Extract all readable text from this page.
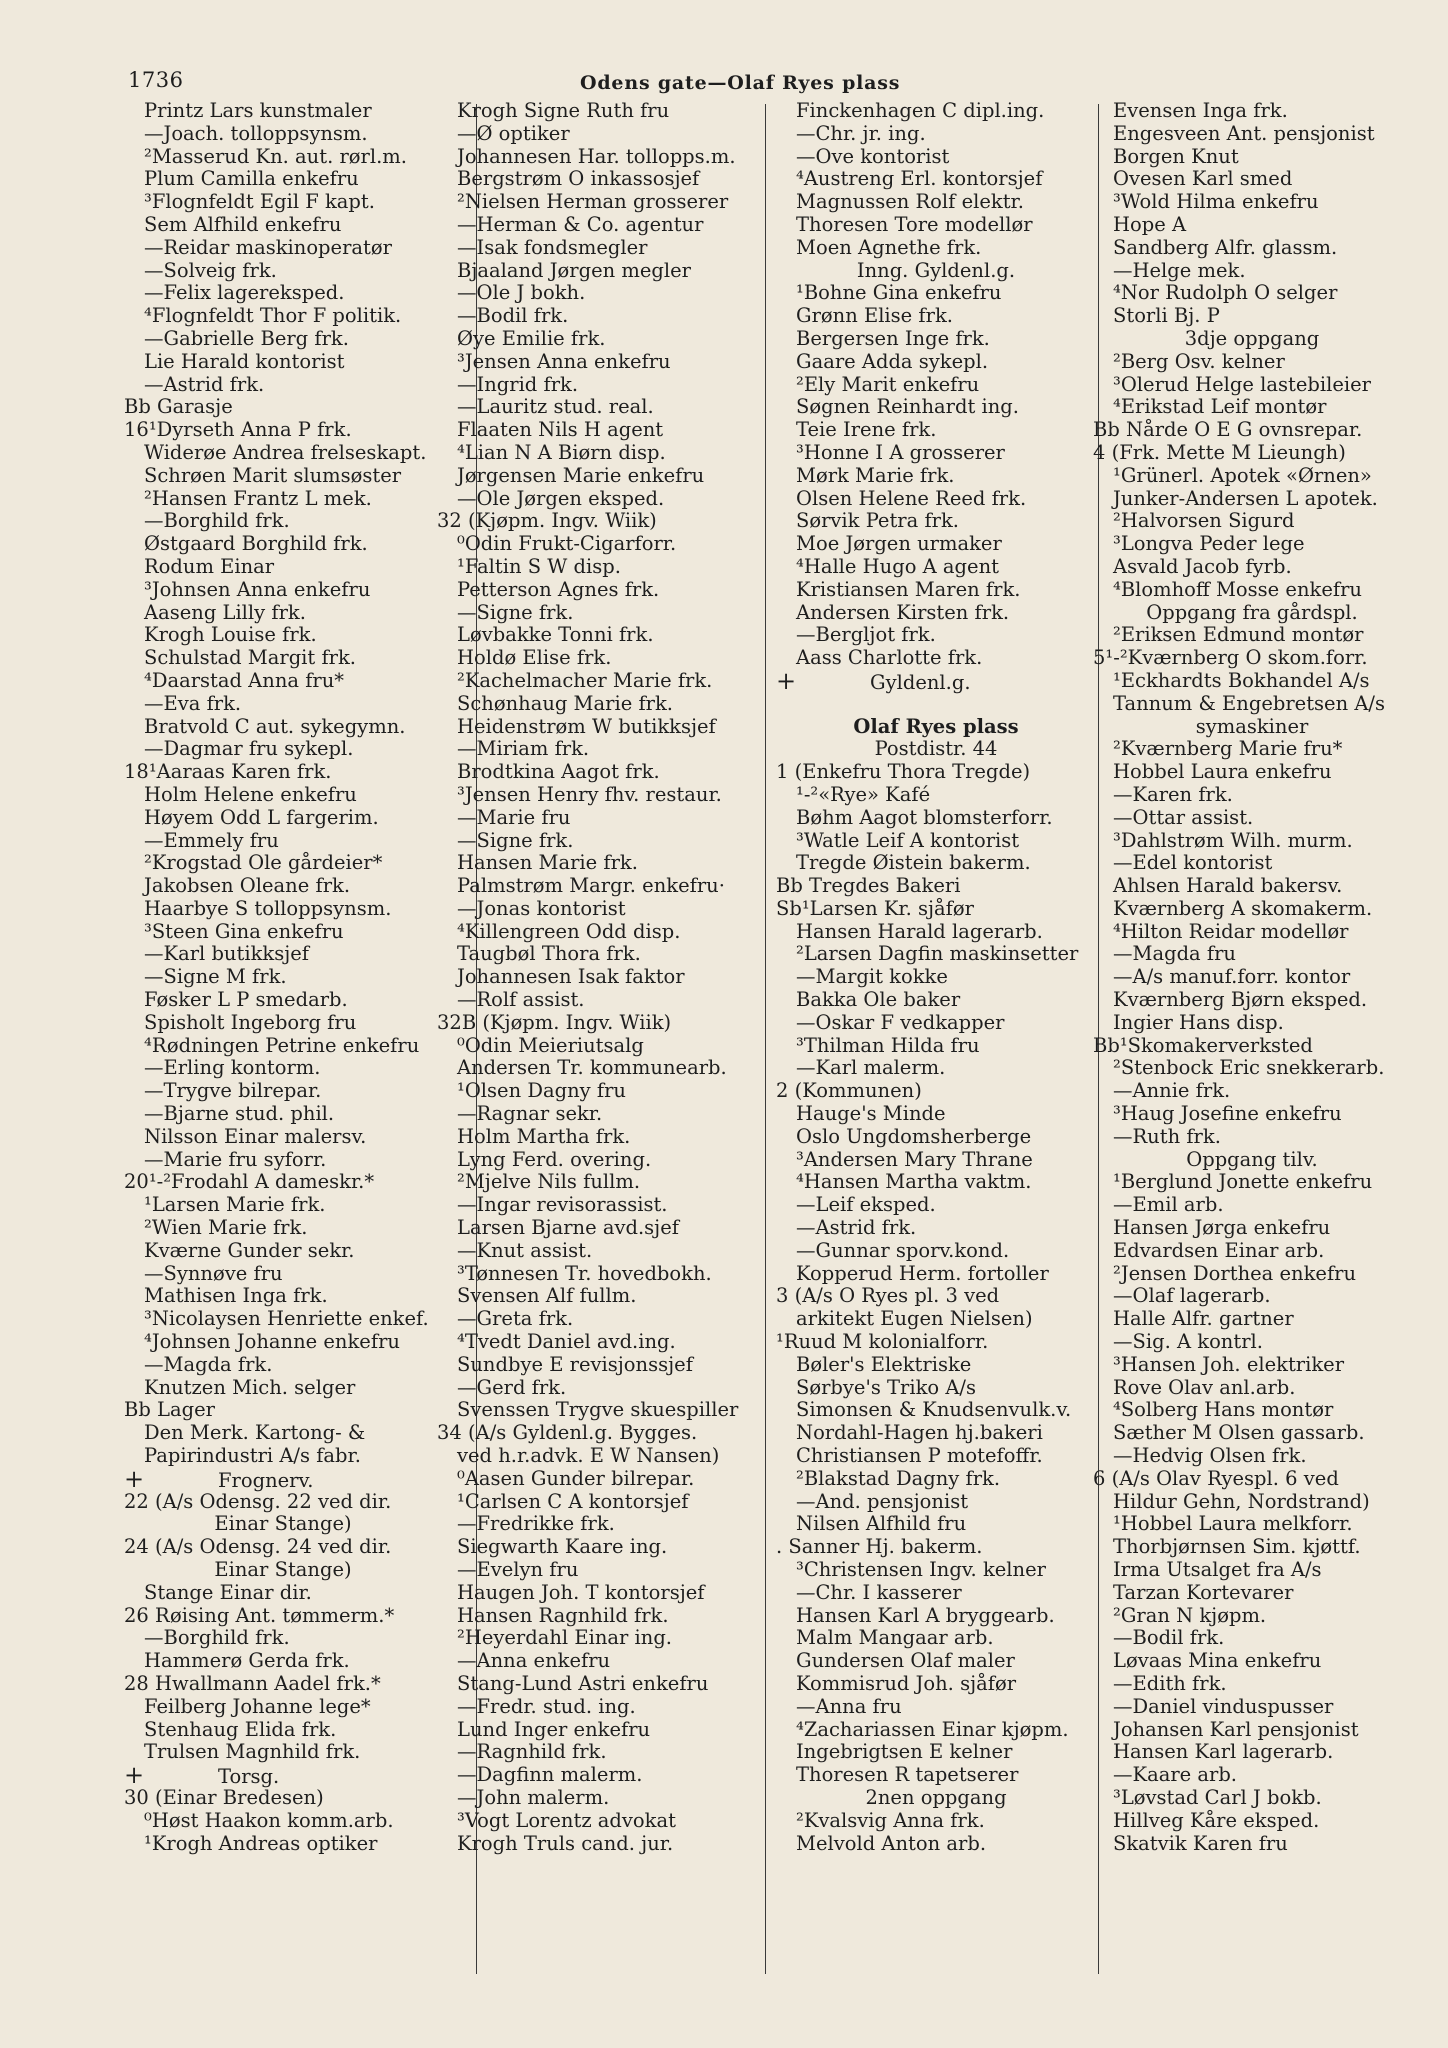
1736	Odens gate—Olaf Ryes plass
Printz Lars kunstmaler
—Joach. tolloppsynsm.
²Masserud Kn. aut. rørl.m.
Plum Camilla enkefru
³Flognfeldt Egil F kapt.
Sem Alfhild enkefru
—Reidar maskinoperatør
—Solveig frk.
—Felix lagereksped.
⁴Flognfeldt Thor F politik.
—Gabrielle Berg frk.
Lie Harald kontorist
—Astrid frk.
Bb Garasje
16¹Dyrseth Anna P frk.
Widerøe Andrea frelseskapt.
Schrøen Marit slumsøster
²Hansen Frantz L mek.
—Borghild frk.
Østgaard Borghild frk.
Rodum Einar
³Johnsen Anna enkefru
Aaseng Lilly frk.
Krogh Louise frk.
Schulstad Margit frk.
⁴Daarstad Anna fru*
—Eva frk.
Bratvold C aut. sykegymn.
—Dagmar fru sykepl.
18¹Aaraas Karen frk.
Holm Helene enkefru
Høyem Odd L fargerim.
—Emmely fru
²Krogstad Ole gårdeier*
Jakobsen Oleane frk.
Haarbye S tolloppsynsm.
³Steen Gina enkefru
—Karl butikksjef
—Signe M frk.
Føsker L P smedarb.
Spisholt Ingeborg fru
⁴Rødningen Petrine enkefru
—Erling kontorm.
—Trygve bilrepar.
—Bjarne stud. phil.
Nilsson Einar malersv.
—Marie fru syforr.
20¹-²Frodahl A dameskr.*
¹Larsen Marie frk.
²Wien Marie frk.
Kværne Gunder sekr.
—Synnøve fru
Mathisen Inga frk.
³Nicolaysen Henriette enkef.
⁴Johnsen Johanne enkefru
—Magda frk.
Knutzen Mich. selger
Bb Lager
Den Merk. Kartong- &
Papirindustri A/s fabr.
+	Frognerv.
22 (A/s Odensg. 22 ved dir.
Einar Stange)
24 (A/s Odensg. 24 ved dir.
Einar Stange)
Stange Einar dir.
26 Røising Ant. tømmerm.*
—Borghild frk.
Hammerø Gerda frk.
28 Hwallmann Aadel frk.*
Feilberg Johanne lege*
Stenhaug Elida frk.
Trulsen Magnhild frk.
+	Torsg.
30 (Einar Bredesen)
⁰Høst Haakon komm.arb.
¹Krogh Andreas optiker
Krogh Signe Ruth fru
—Ø optiker
Johannesen Har. tollopps.m.
Bergstrøm O inkassosjef
²Nielsen Herman grosserer
—Herman & Co. agentur
—Isak fondsmegler
Bjaaland Jørgen megler
—Ole J bokh.
—Bodil frk.
Øye Emilie frk.
³Jensen Anna enkefru
—Ingrid frk.
—Lauritz stud. real.
Flaaten Nils H agent
⁴Lian N A Biørn disp.
Jørgensen Marie enkefru
—Ole Jørgen eksped.
32 (Kjøpm. Ingv. Wiik)
⁰Odin Frukt-Cigarforr.
¹Faltin S W disp.
Petterson Agnes frk.
—Signe frk.
Løvbakke Tonni frk.
Holdø Elise frk.
²Kachelmacher Marie frk.
Schønhaug Marie frk.
Heidenstrøm W butikksjef
—Miriam frk.
Brodtkina Aagot frk.
³Jensen Henry fhv. restaur.
—Marie fru
—Signe frk.
Hansen Marie frk.
Palmstrøm Margr. enkefru·
—Jonas kontorist
⁴Killengreen Odd disp.
Taugbøl Thora frk.
Johannesen Isak faktor
—Rolf assist.
32B (Kjøpm. Ingv. Wiik)
⁰Odin Meieriutsalg
Andersen Tr. kommunearb.
¹Olsen Dagny fru
—Ragnar sekr.
Holm Martha frk.
Lyng Ferd. overing.
²Mjelve Nils fullm.
—Ingar revisorassist.
Larsen Bjarne avd.sjef
—Knut assist.
³Tønnesen Tr. hovedbokh.
Svensen Alf fullm.
—Greta frk.
⁴Tvedt Daniel avd.ing.
Sundbye E revisjonssjef
—Gerd frk.
Svenssen Trygve skuespiller
34 (A/s Gyldenl.g. Bygges.
ved h.r.advk. E W Nansen)
⁰Aasen Gunder bilrepar.
¹Carlsen C A kontorsjef
—Fredrikke frk.
Siegwarth Kaare ing.
—Evelyn fru
Haugen Joh. T kontorsjef
Hansen Ragnhild frk.
²Heyerdahl Einar ing.
—Anna enkefru
Stang-Lund Astri enkefru
—Fredr. stud. ing.
Lund Inger enkefru
—Ragnhild frk.
—Dagfinn malerm.
—John malerm.
³Vogt Lorentz advokat
Krogh Truls cand. jur.
Finckenhagen C dipl.ing.
—Chr. jr. ing.
—Ove kontorist
⁴Austreng Erl. kontorsjef
Magnussen Rolf elektr.
Thoresen Tore modellør
Moen Agnethe frk.
Inng. Gyldenl.g.
¹Bohne Gina enkefru
Grønn Elise frk.
Bergersen Inge frk.
Gaare Adda sykepl.
²Ely Marit enkefru
Søgnen Reinhardt ing.
Teie Irene frk.
³Honne I A grosserer
Mørk Marie frk.
Olsen Helene Reed frk.
Sørvik Petra frk.
Moe Jørgen urmaker
⁴Halle Hugo A agent
Kristiansen Maren frk.
Andersen Kirsten frk.
—Bergljot frk.
Aass Charlotte frk.
+	Gyldenl.g.
Olaf Ryes plass
Postdistr. 44
1 (Enkefru Thora Tregde)
¹-²«Rye» Kafé
Bøhm Aagot blomsterforr.
³Watle Leif A kontorist
Tregde Øistein bakerm.
Bb Tregdes Bakeri
Sb¹Larsen Kr. sjåfør
Hansen Harald lagerarb.
²Larsen Dagfin maskinsetter
—Margit kokke
Bakka Ole baker
—Oskar F vedkapper
³Thilman Hilda fru
—Karl malerm.
2 (Kommunen)
Hauge's Minde
Oslo Ungdomsherberge
³Andersen Mary Thrane
⁴Hansen Martha vaktm.
—Leif eksped.
—Astrid frk.
—Gunnar sporv.kond.
Kopperud Herm. fortoller
3 (A/s O Ryes pl. 3 ved
arkitekt Eugen Nielsen)
¹Ruud M kolonialforr.
Bøler's Elektriske
Sørbye's Triko A/s
Simonsen & Knudsenvulk.v.
Nordahl-Hagen hj.bakeri
Christiansen P motefoffr.
²Blakstad Dagny frk.
—And. pensjonist
Nilsen Alfhild fru
. Sanner Hj. bakerm.
³Christensen Ingv. kelner
—Chr. I kasserer
Hansen Karl A bryggearb.
Malm Mangaar arb.
Gundersen Olaf maler
Kommisrud Joh. sjåfør
—Anna fru
⁴Zachariassen Einar kjøpm.
Ingebrigtsen E kelner
Thoresen R tapetserer
2nen oppgang
²Kvalsvig Anna frk.
Melvold Anton arb.
Evensen Inga frk.
Engesveen Ant. pensjonist
Borgen Knut
Ovesen Karl smed
³Wold Hilma enkefru
Hope A
Sandberg Alfr. glassm.
—Helge mek.
⁴Nor Rudolph O selger
Storli Bj. P
3dje oppgang
²Berg Osv. kelner
³Olerud Helge lastebileier
⁴Erikstad Leif montør
Bb Nårde O E G ovnsrepar.
4 (Frk. Mette M Lieungh)
¹Grünerl. Apotek «Ørnen»
Junker-Andersen L apotek.
²Halvorsen Sigurd
³Longva Peder lege
Asvald Jacob fyrb.
⁴Blomhoff Mosse enkefru
Oppgang fra gårdspl.
²Eriksen Edmund montør
5¹-²Kværnberg O skom.forr.
¹Eckhardts Bokhandel A/s
Tannum & Engebretsen A/s
symaskiner
²Kværnberg Marie fru*
Hobbel Laura enkefru
—Karen frk.
—Ottar assist.
³Dahlstrøm Wilh. murm.
—Edel kontorist
Ahlsen Harald bakersv.
Kværnberg A skomakerm.
⁴Hilton Reidar modellør
—Magda fru
—A/s manuf.forr. kontor
Kværnberg Bjørn eksped.
Ingier Hans disp.
Bb¹Skomakerverksted
²Stenbock Eric snekkerarb.
—Annie frk.
³Haug Josefine enkefru
—Ruth frk.
Oppgang tilv.
¹Berglund Jonette enkefru
—Emil arb.
Hansen Jørga enkefru
Edvardsen Einar arb.
²Jensen Dorthea enkefru
—Olaf lagerarb.
Halle Alfr. gartner
—Sig. A kontrl.
³Hansen Joh. elektriker
Rove Olav anl.arb.
⁴Solberg Hans montør
Sæther M Olsen gassarb.
—Hedvig Olsen frk.
6 (A/s Olav Ryespl. 6 ved
Hildur Gehn, Nordstrand)
¹Hobbel Laura melkforr.
Thorbjørnsen Sim. kjøttf.
Irma Utsalget fra A/s
Tarzan Kortevarer
²Gran N kjøpm.
—Bodil frk.
Løvaas Mina enkefru
—Edith frk.
—Daniel vinduspusser
Johansen Karl pensjonist
Hansen Karl lagerarb.
—Kaare arb.
³Løvstad Carl J bokb.
Hillveg Kåre eksped.
Skatvik Karen fru
